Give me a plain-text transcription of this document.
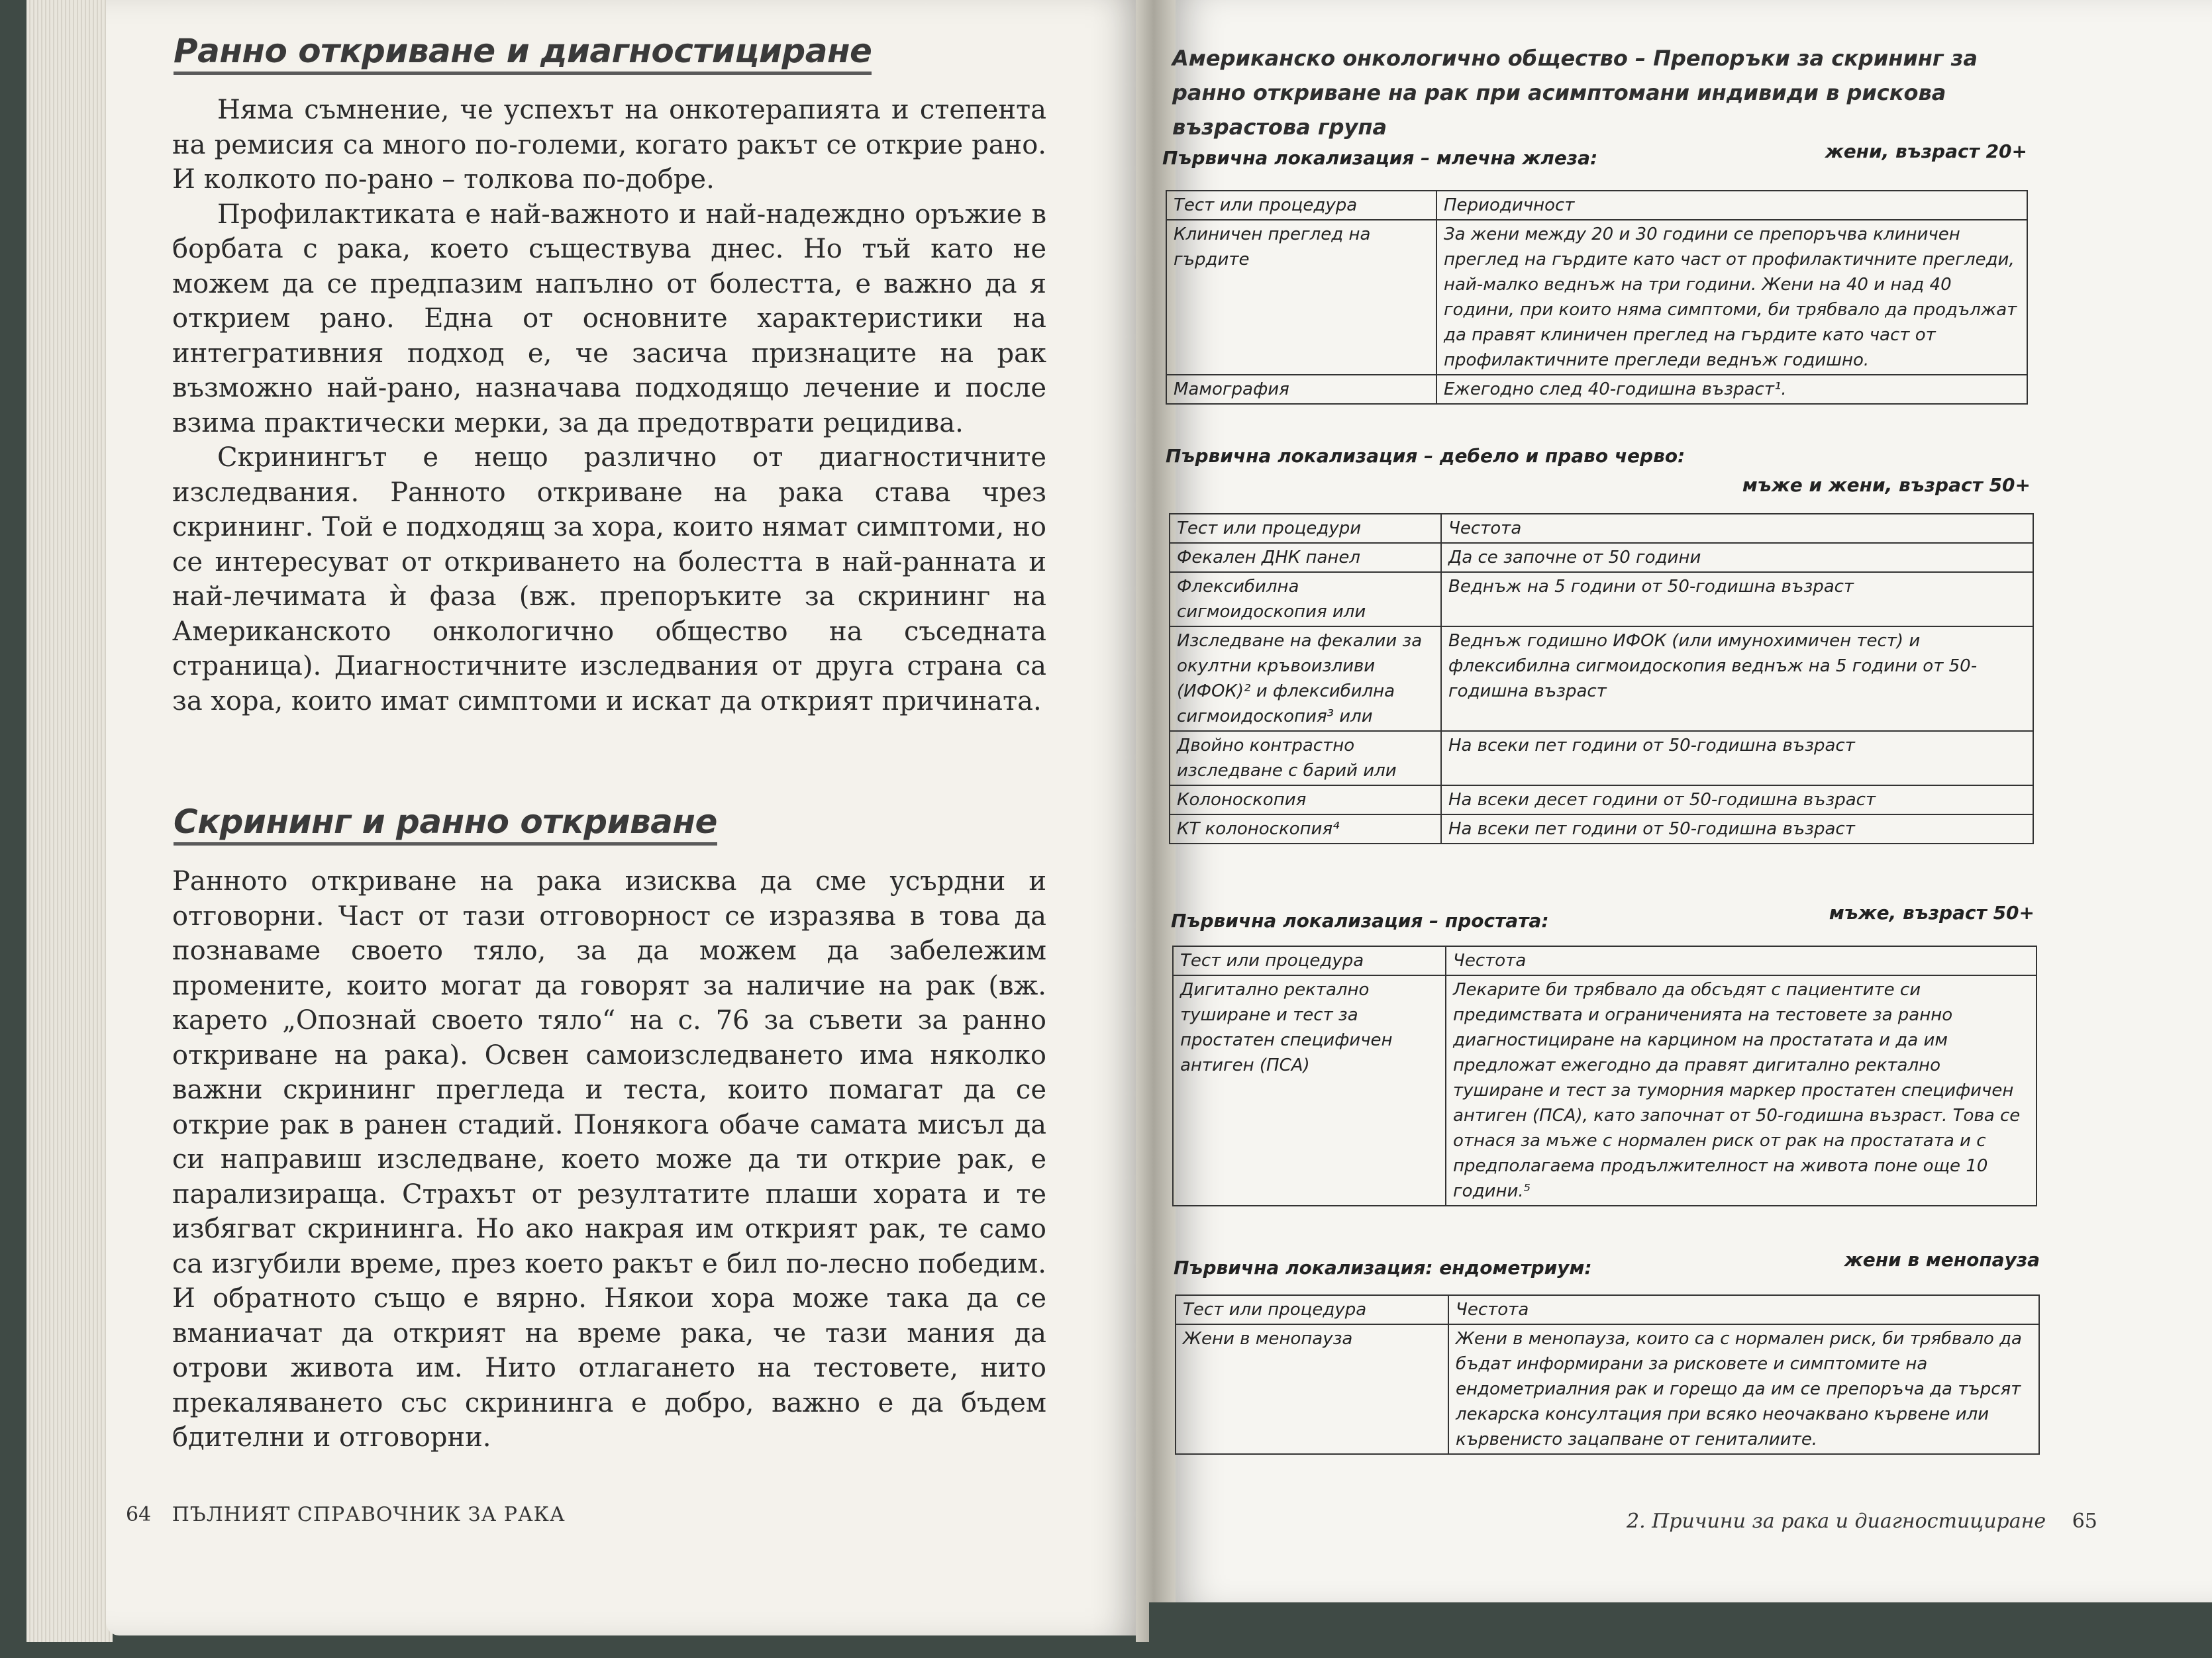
Ранно откриване и диагностициране

Няма съмнение, че успехът на онкотерапията и степента на ремисия са много по-големи, когато ракът се открие рано. И колкото по-рано – толкова по-добре.

Профилактиката е най-важното и най-надеждно оръжие в борбата с рака, което съществува днес. Но тъй като не можем да се предпазим напълно от болестта, е важно да я открием рано. Една от основните характеристики на интегративния подход е, че засича признаците на рак възможно най-рано, назначава подходящо лечение и после взима практически мерки, за да предотврати рецидива.

Скринингът е нещо различно от диагностичните изследвания. Ранното откриване на рака става чрез скрининг. Той е подходящ за хора, които нямат симптоми, но се интересуват от откриването на болестта в най-ранната и най-лечимата ѝ фаза (вж. препоръките за скрининг на Американското онкологично общество на съседната страница). Диагностичните изследвания от друга страна са за хора, които имат симптоми и искат да открият причината.

Скрининг и ранно откриване

Ранното откриване на рака изисква да сме усърдни и отговорни. Част от тази отговорност се изразява в това да познаваме своето тяло, за да можем да забележим промените, които могат да говорят за наличие на рак (вж. карето „Опознай своето тяло“ на с. 76 за съвети за ранно откриване на рака). Освен самоизследването има няколко важни скрининг прегледа и теста, които помагат да се открие рак в ранен стадий. Понякога обаче самата мисъл да си направиш изследване, което може да ти открие рак, е парализираща. Страхът от резултатите плаши хората и те избягват скрининга. Но ако накрая им открият рак, те само са изгубили време, през което ракът е бил по-лесно победим. И обратното също е вярно. Някои хора може така да се вманиачат да открият на време рака, че тази мания да отрови живота им. Нито отлагането на тестовете, нито прекаляването със скрининга е добро, важно е да бъдем бдителни и отговорни.

64 ПЪЛНИЯТ СПРАВОЧНИК ЗА РАКА
Американско онкологично общество – Препоръки за скрининг за ранно откриване на рак при асимптомани индивиди в рискова възрастова група
Първична локализация – млечна жлеза:	жени, възраст 20+
Тест или процедура	Периодичност
Клиничен преглед на гърдите	За жени между 20 и 30 години се препоръчва клиничен преглед на гърдите като част от профилактичните прегледи, най-малко веднъж на три години. Жени на 40 и над 40 години, при които няма симптоми, би трябвало да продължат да правят клиничен преглед на гърдите като част от профилактичните прегледи веднъж годишно.
Мамография	Ежегодно след 40-годишна възраст¹.
Първична локализация – дебело и право черво:
мъже и жени, възраст 50+
Тест или процедури	Честота
Фекален ДНК панел	Да се започне от 50 години
Флексибилна сигмоидоскопия или	Веднъж на 5 години от 50-годишна възраст
Изследване на фекалии за окултни кръвоизливи (ИФОК)² и флексибилна сигмоидоскопия³ или	Веднъж годишно ИФОК (или имунохимичен тест) и флексибилна сигмоидоскопия веднъж на 5 години от 50-годишна възраст
Двойно контрастно изследване с барий или	На всеки пет години от 50-годишна възраст
Колоноскопия	На всеки десет години от 50-годишна възраст
КТ колоноскопия⁴	На всеки пет години от 50-годишна възраст
Първична локализация – простата:	мъже, възраст 50+
Тест или процедура	Честота
Дигитално ректално туширане и тест за простатен специфичен антиген (ПСА)	Лекарите би трябвало да обсъдят с пациентите си предимствата и ограниченията на тестовете за ранно диагностициране на карцином на простатата и да им предложат ежегодно да правят дигитално ректално туширане и тест за туморния маркер простатен специфичен антиген (ПСА), като започнат от 50-годишна възраст. Това се отнася за мъже с нормален риск от рак на простатата и с предполагаема продължителност на живота поне още 10 години.⁵
Първична локализация: ендометриум:	жени в менопауза
Тест или процедура	Честота
Жени в менопауза	Жени в менопауза, които са с нормален риск, би трябвало да бъдат информирани за рисковете и симптомите на ендометриалния рак и горещо да им се препоръча да търсят лекарска консултация при всяко неочаквано кървене или кървенисто зацапване от гениталиите.
2. Причини за рака и диагностициране 65
